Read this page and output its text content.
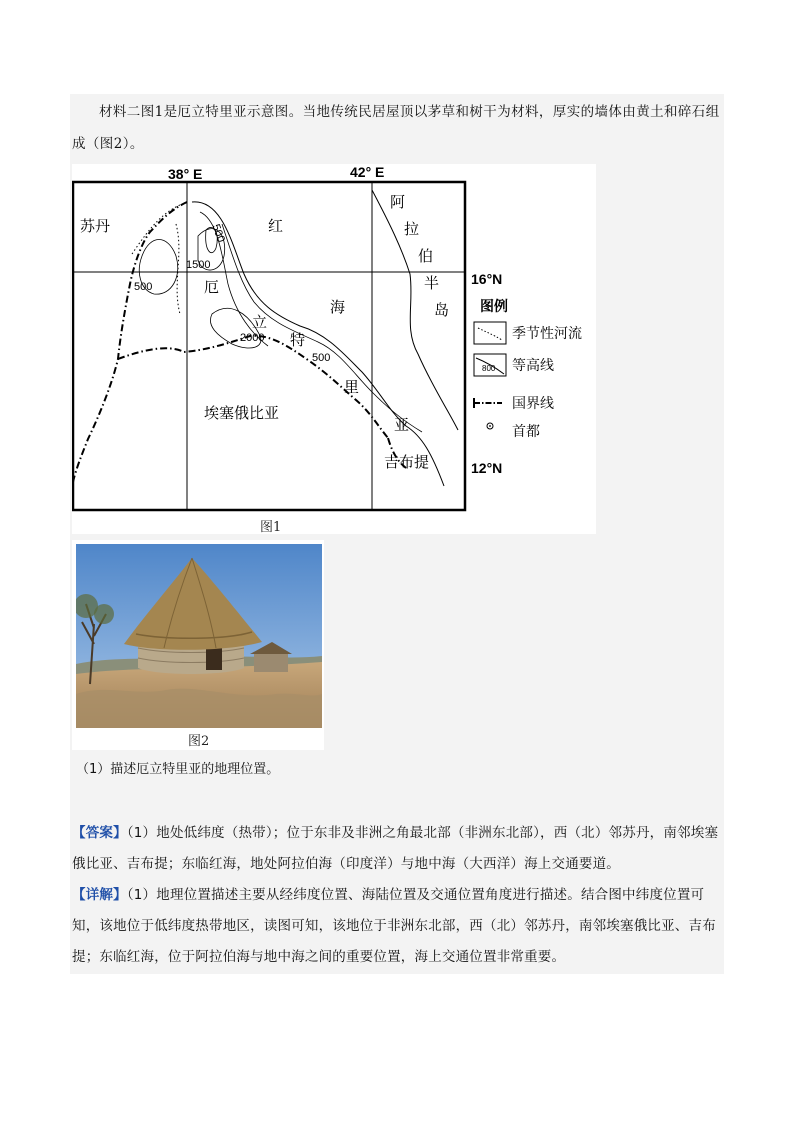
材料二图1是厄立特里亚示意图。当地传统民居屋顶以茅草和树干为材料，厚实的墙体由黄土和碎石组成（图2）。
38° E	42° E
16°N
12°N
苏丹
埃塞俄比亚
吉布提
红
海
厄
立
特
里
亚
阿
拉
伯
半
岛
500
1500
500
2000
500
图例
季节性河流
800 等高线
国界线
首都
图1
图2
（1）描述厄立特里亚的地理位置。

【答案】（1）地处低纬度（热带）；位于东非及非洲之角最北部（非洲东北部），西（北）邻苏丹，南邻埃塞俄比亚、吉布提；东临红海，地处阿拉伯海（印度洋）与地中海（大西洋）海上交通要道。

【详解】（1）地理位置描述主要从经纬度位置、海陆位置及交通位置角度进行描述。结合图中纬度位置可知，该地位于低纬度热带地区，读图可知，该地位于非洲东北部，西（北）邻苏丹，南邻埃塞俄比亚、吉布提；东临红海，位于阿拉伯海与地中海之间的重要位置，海上交通位置非常重要。
